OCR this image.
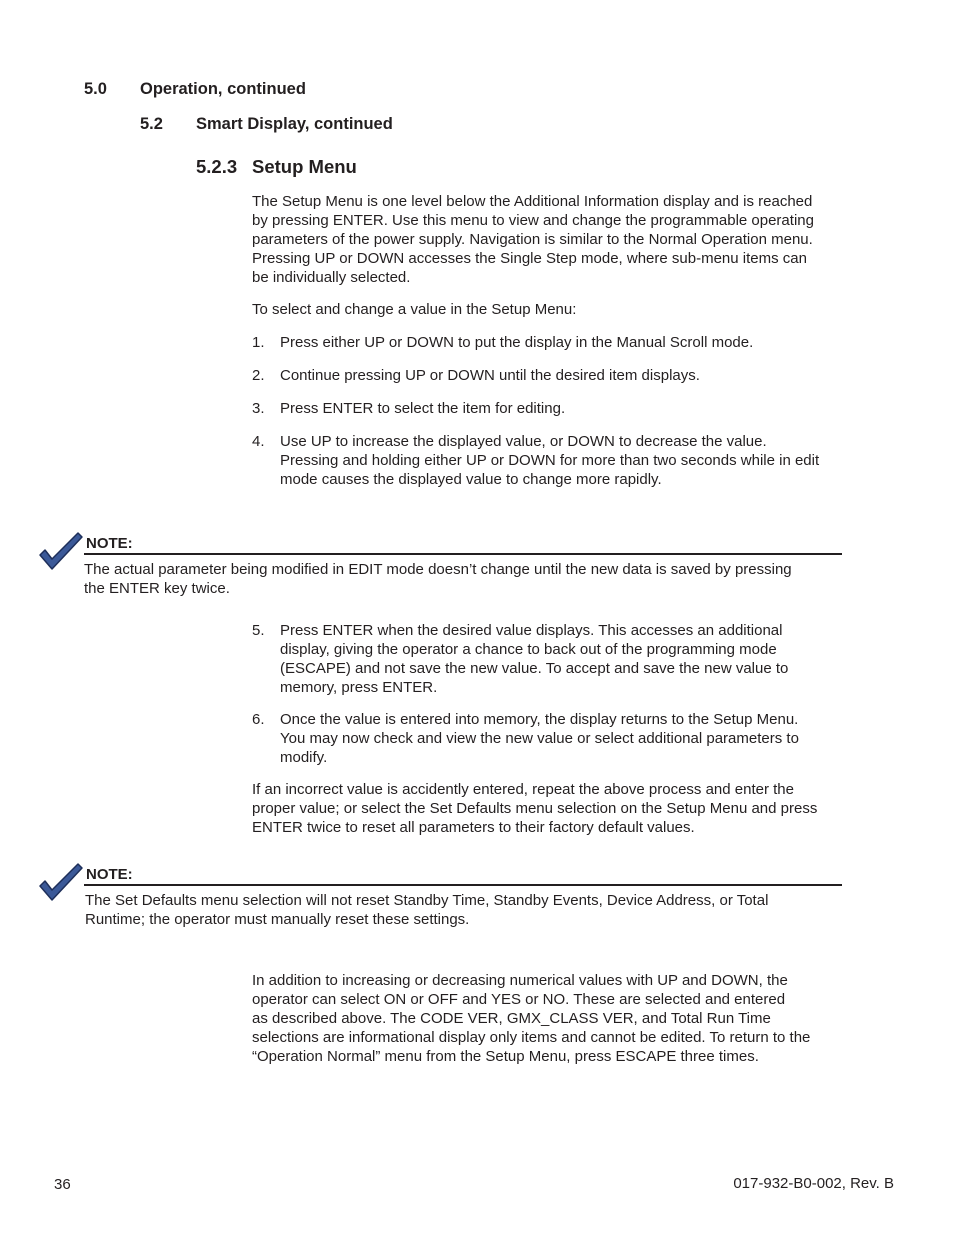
5.0 Operation, continued
5.2 Smart Display, continued
5.2.3 Setup Menu
The Setup Menu is one level below the Additional Information display and is reached
by pressing ENTER. Use this menu to view and change the programmable operating
parameters of the power supply. Navigation is similar to the Normal Operation menu.
Pressing UP or DOWN accesses the Single Step mode, where sub-menu items can
be individually selected.
To select and change a value in the Setup Menu:
1. Press either UP or DOWN to put the display in the Manual Scroll mode.
2. Continue pressing UP or DOWN until the desired item displays.
3. Press ENTER to select the item for editing.
4. Use UP to increase the displayed value, or DOWN to decrease the value.
Pressing and holding either UP or DOWN for more than two seconds while in edit
mode causes the displayed value to change more rapidly.
NOTE:
The actual parameter being modified in EDIT mode doesn’t change until the new data is saved by pressing
the ENTER key twice.
5. Press ENTER when the desired value displays. This accesses an additional
display, giving the operator a chance to back out of the programming mode
(ESCAPE) and not save the new value. To accept and save the new value to
memory, press ENTER.
6. Once the value is entered into memory, the display returns to the Setup Menu.
You may now check and view the new value or select additional parameters to
modify.
If an incorrect value is accidently entered, repeat the above process and enter the
proper value; or select the Set Defaults menu selection on the Setup Menu and press
ENTER twice to reset all parameters to their factory default values.
NOTE:
The Set Defaults menu selection will not reset Standby Time, Standby Events, Device Address, or Total
Runtime; the operator must manually reset these settings.
In addition to increasing or decreasing numerical values with UP and DOWN, the
operator can select ON or OFF and YES or NO. These are selected and entered
as described above. The CODE VER, GMX_CLASS VER, and Total Run Time
selections are informational display only items and cannot be edited. To return to the
“Operation Normal” menu from the Setup Menu, press ESCAPE three times.
36	017-932-B0-002, Rev. B
